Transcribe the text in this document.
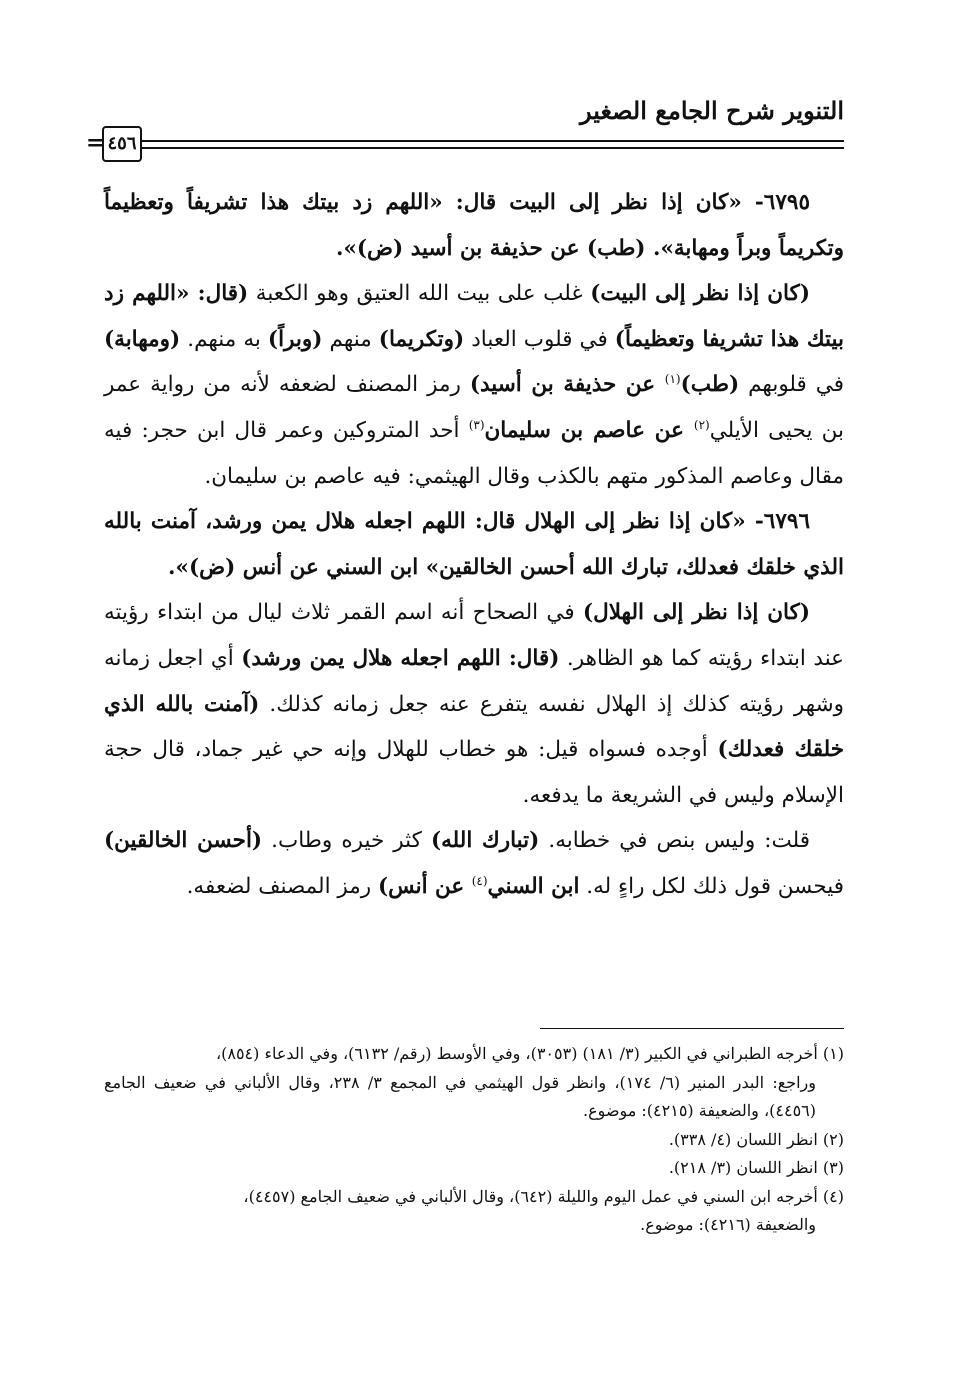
التنوير شرح الجامع الصغير
٤٥٦
=

٦٧٩٥- «كان إذا نظر إلى البيت قال: «اللهم زد بيتك هذا تشريفاً وتعظيماً وتكريماً وبراً ومهابة». (طب) عن حذيفة بن أسيد (ض)».

(كان إذا نظر إلى البيت) غلب على بيت الله العتيق وهو الكعبة (قال: «اللهم زد بيتك هذا تشريفا وتعظيماً) في قلوب العباد (وتكريما) منهم (وبراً) به منهم. (ومهابة) في قلوبهم (طب)$^{(١)}$ عن حذيفة بن أسيد) رمز المصنف لضعفه لأنه من رواية عمر بن يحيى الأيلي$^{(٢)}$ عن عاصم بن سليمان$^{(٣)}$ أحد المتروكين وعمر قال ابن حجر: فيه مقال وعاصم المذكور متهم بالكذب وقال الهيثمي: فيه عاصم بن سليمان.

٦٧٩٦- «كان إذا نظر إلى الهلال قال: اللهم اجعله هلال يمن ورشد، آمنت بالله الذي خلقك فعدلك، تبارك الله أحسن الخالقين» ابن السني عن أنس (ض)».

(كان إذا نظر إلى الهلال) في الصحاح أنه اسم القمر ثلاث ليال من ابتداء رؤيته عند ابتداء رؤيته كما هو الظاهر. (قال: اللهم اجعله هلال يمن ورشد) أي اجعل زمانه وشهر رؤيته كذلك إذ الهلال نفسه يتفرع عنه جعل زمانه كذلك. (آمنت بالله الذي خلقك فعدلك) أوجده فسواه قيل: هو خطاب للهلال وإنه حي غير جماد، قال حجة الإسلام وليس في الشريعة ما يدفعه.

قلت: وليس بنص في خطابه. (تبارك الله) كثر خيره وطاب. (أحسن الخالقين) فيحسن قول ذلك لكل راءٍ له. ابن السني$^{(٤)}$ عن أنس) رمز المصنف لضعفه.

(١) أخرجه الطبراني في الكبير (٣/ ١٨١) (٣٠٥٣)، وفي الأوسط (رقم/ ٦١٣٢)، وفي الدعاء (٨٥٤)،
وراجع: البدر المنير (٦/ ١٧٤)، وانظر قول الهيثمي في المجمع ٣/ ٢٣٨، وقال الألباني في ضعيف الجامع (٤٤٥٦)، والضعيفة (٤٢١٥): موضوع.

(٢) انظر اللسان (٤/ ٣٣٨).

(٣) انظر اللسان (٣/ ٢١٨).

(٤) أخرجه ابن السني في عمل اليوم والليلة (٦٤٢)، وقال الألباني في ضعيف الجامع (٤٤٥٧)،
والضعيفة (٤٢١٦): موضوع.
